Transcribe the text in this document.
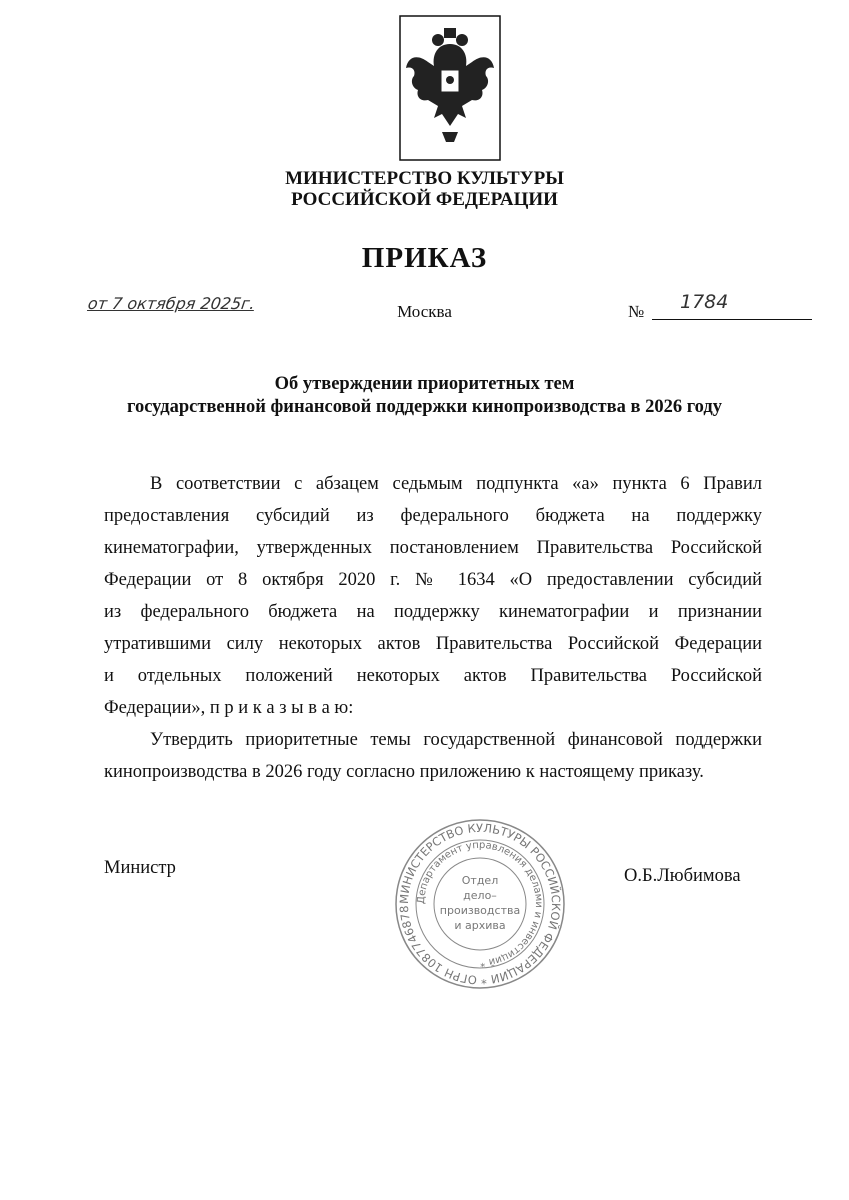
МИНИСТЕРСТВО КУЛЬТУРЫ
РОССИЙСКОЙ ФЕДЕРАЦИИ
ПРИКАЗ
от 7 октября 2025г.	Москва	№ 1784
Об утверждении приоритетных тем
государственной финансовой поддержки кинопроизводства в 2026 году
В соответствии с абзацем седьмым подпункта «а» пункта 6 Правил
предоставления субсидий из федерального бюджета на поддержку
кинематографии, утвержденных постановлением Правительства Российской
Федерации от 8 октября 2020 г. № 1634 «О предоставлении субсидий
из федерального бюджета на поддержку кинематографии и признании
утратившими силу некоторых актов Правительства Российской Федерации
и отдельных положений некоторых актов Правительства Российской
Федерации», п р и к а з ы в а ю:
Утвердить приоритетные темы государственной финансовой поддержки
кинопроизводства в 2026 году согласно приложению к настоящему приказу.
Министр	О.Б.Любимова
МИНИСТЕРСТВО КУЛЬТУРЫ РОССИЙСКОЙ ФЕДЕРАЦИИ * ОГРН 1087746878
Департамент управления делами и инвестиций *
Отдел
дело–
производства
и архива
